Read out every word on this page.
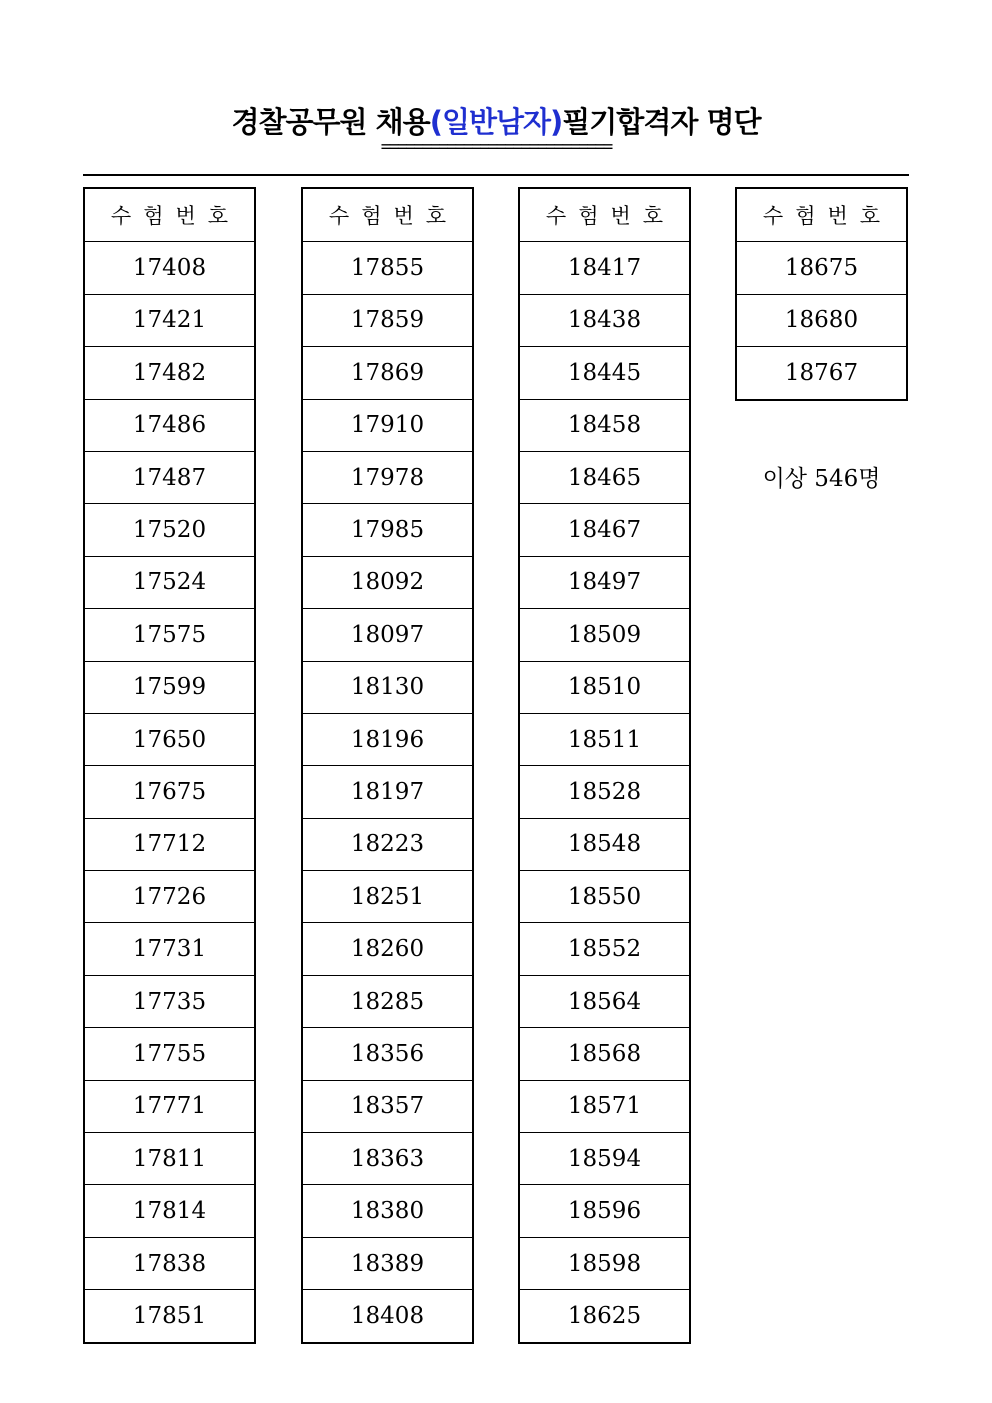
경찰공무원 채용(일반남자)필기합격자 명단
============================
수험번호
17408
17421
17482
17486
17487
17520
17524
17575
17599
17650
17675
17712
17726
17731
17735
17755
17771
17811
17814
17838
17851
수험번호
17855
17859
17869
17910
17978
17985
18092
18097
18130
18196
18197
18223
18251
18260
18285
18356
18357
18363
18380
18389
18408
수험번호
18417
18438
18445
18458
18465
18467
18497
18509
18510
18511
18528
18548
18550
18552
18564
18568
18571
18594
18596
18598
18625
수험번호
18675
18680
18767
이상 546명
